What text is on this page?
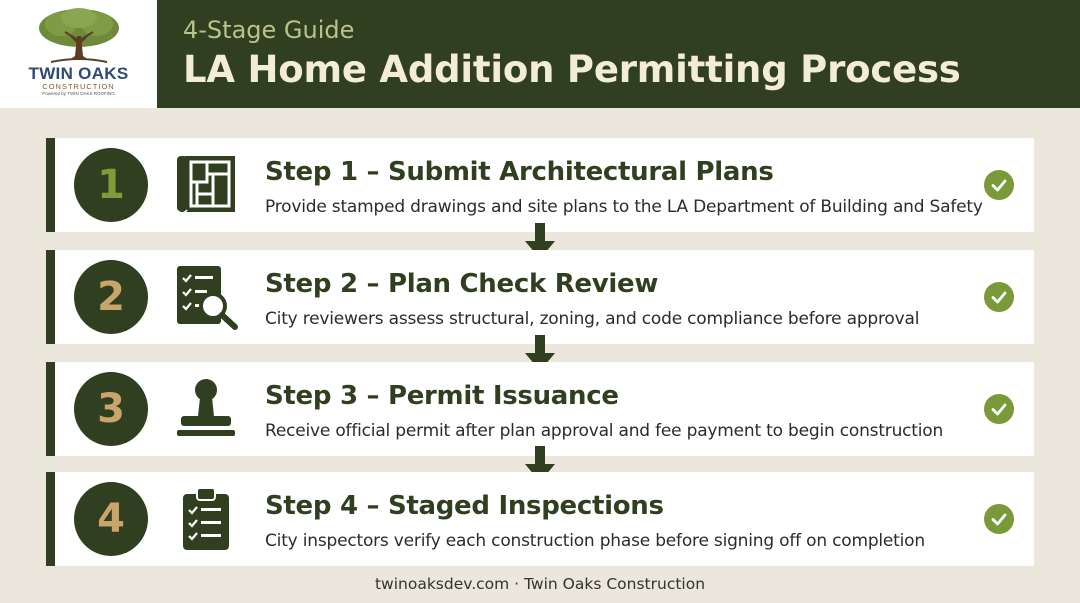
TWIN OAKS
CONSTRUCTION
Powered by TWIN OAKS ROOFING
4-Stage Guide
LA Home Addition Permitting Process
1	Step 1 – Submit Architectural Plans
Provide stamped drawings and site plans to the LA Department of Building and Safety
2	Step 2 – Plan Check Review
City reviewers assess structural, zoning, and code compliance before approval
3	Step 3 – Permit Issuance
Receive official permit after plan approval and fee payment to begin construction
4	Step 4 – Staged Inspections
City inspectors verify each construction phase before signing off on completion
twinoaksdev.com · Twin Oaks Construction
